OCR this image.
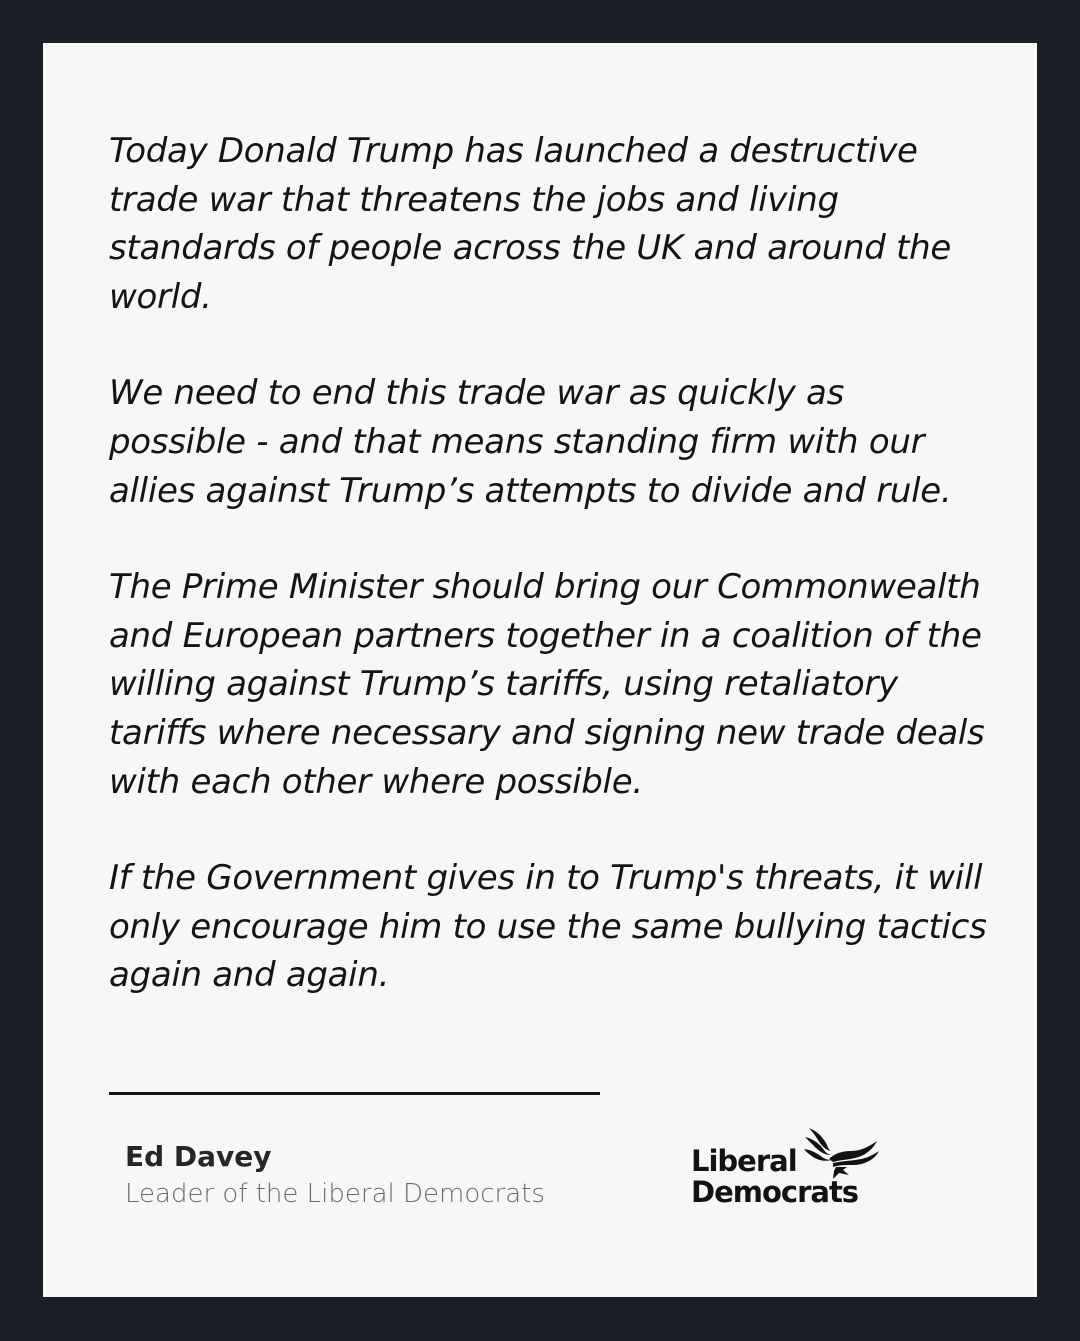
Today Donald Trump has launched a destructive trade war that threatens the jobs and living standards of people across the UK and around the world.

We need to end this trade war as quickly as possible - and that means standing firm with our allies against Trump’s attempts to divide and rule.

The Prime Minister should bring our Commonwealth and European partners together in a coalition of the willing against Trump’s tariffs, using retaliatory tariffs where necessary and signing new trade deals with each other where possible.

If the Government gives in to Trump's threats, it will only encourage him to use the same bullying tactics again and again.

Ed Davey
Leader of the Liberal Democrats
Liberal
Democrats
